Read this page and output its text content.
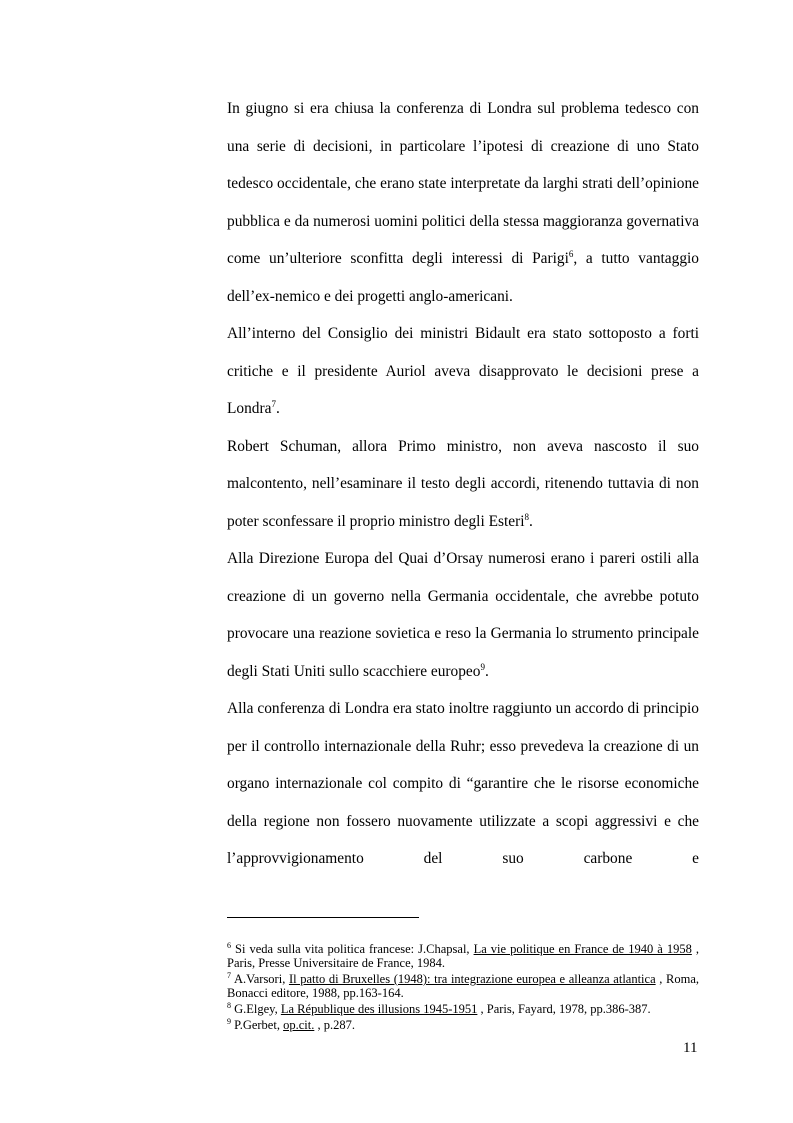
In giugno si era chiusa la conferenza di Londra sul problema tedesco con una serie di decisioni, in particolare l’ipotesi di creazione di uno Stato tedesco occidentale, che erano state interpretate da larghi strati dell’opinione pubblica e da numerosi uomini politici della stessa maggioranza governativa come un’ulteriore sconfitta degli interessi di Parigi$^6$, a tutto vantaggio dell’ex-nemico e dei progetti anglo-americani.

All’interno del Consiglio dei ministri Bidault era stato sottoposto a forti critiche e il presidente Auriol aveva disapprovato le decisioni prese a Londra$^7$.

Robert Schuman, allora Primo ministro, non aveva nascosto il suo malcontento, nell’esaminare il testo degli accordi, ritenendo tuttavia di non poter sconfessare il proprio ministro degli Esteri$^8$.

Alla Direzione Europa del Quai d’Orsay numerosi erano i pareri ostili alla creazione di un governo nella Germania occidentale, che avrebbe potuto provocare una reazione sovietica e reso la Germania lo strumento principale degli Stati Uniti sullo scacchiere europeo$^9$.

Alla conferenza di Londra era stato inoltre raggiunto un accordo di principio per il controllo internazionale della Ruhr; esso prevedeva la creazione di un organo internazionale col compito di “garantire che le risorse economiche della regione non fossero nuovamente utilizzate a scopi aggressivi e che l’approvvigionamento del suo carbone e

$^6$ Si veda sulla vita politica francese: J.Chapsal, La vie politique en France de 1940 à 1958 , Paris, Presse Universitaire de France, 1984.

$^7$ A.Varsori, Il patto di Bruxelles (1948): tra integrazione europea e alleanza atlantica , Roma, Bonacci editore, 1988, pp.163-164.

$^8$ G.Elgey, La République des illusions 1945-1951 , Paris, Fayard, 1978, pp.386-387.

$^9$ P.Gerbet, op.cit. , p.287.

11
